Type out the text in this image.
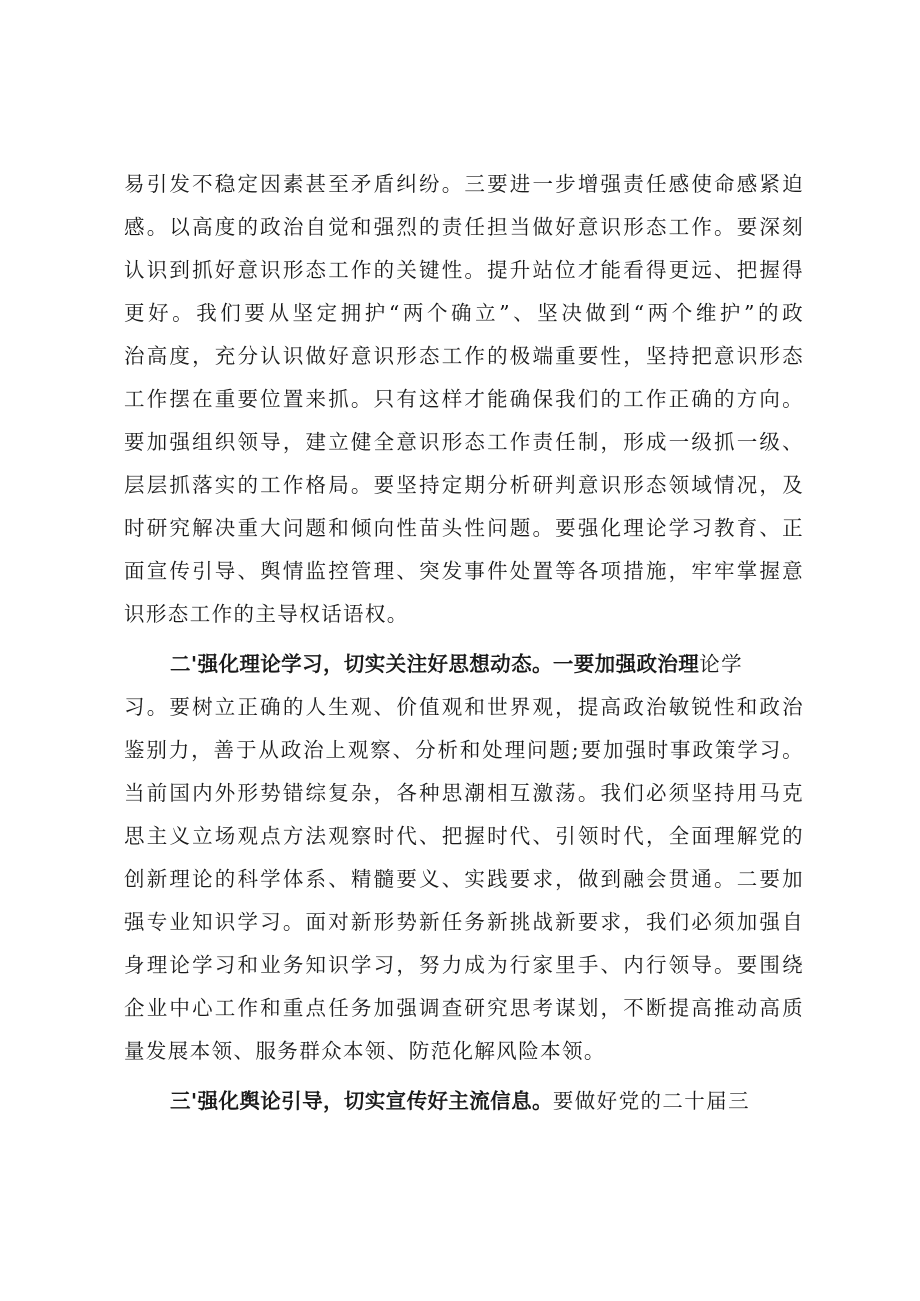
易引发不稳定因素甚至矛盾纠纷。三要进一步增强责任感使命感紧迫
感。以高度的政治自觉和强烈的责任担当做好意识形态工作。要深刻
认识到抓好意识形态工作的关键性。提升站位才能看得更远、把握得
更好。我们要从坚定拥护“两个确立”、坚决做到“两个维护”的政
治高度，充分认识做好意识形态工作的极端重要性，坚持把意识形态
工作摆在重要位置来抓。只有这样才能确保我们的工作正确的方向。
要加强组织领导，建立健全意识形态工作责任制，形成一级抓一级、
层层抓落实的工作格局。要坚持定期分析研判意识形态领域情况，及
时研究解决重大问题和倾向性苗头性问题。要强化理论学习教育、正
面宣传引导、舆情监控管理、突发事件处置等各项措施，牢牢掌握意
识形态工作的主导权话语权。
二'强化理论学习，切实关注好思想动态。一要加强政治理论学
习。要树立正确的人生观、价值观和世界观，提高政治敏锐性和政治
鉴别力，善于从政治上观察、分析和处理问题;要加强时事政策学习。
当前国内外形势错综复杂，各种思潮相互激荡。我们必须坚持用马克
思主义立场观点方法观察时代、把握时代、引领时代，全面理解党的
创新理论的科学体系、精髓要义、实践要求，做到融会贯通。二要加
强专业知识学习。面对新形势新任务新挑战新要求，我们必须加强自
身理论学习和业务知识学习，努力成为行家里手、内行领导。要围绕
企业中心工作和重点任务加强调查研究思考谋划，不断提高推动高质
量发展本领、服务群众本领、防范化解风险本领。
三'强化舆论引导，切实宣传好主流信息。要做好党的二十届三
